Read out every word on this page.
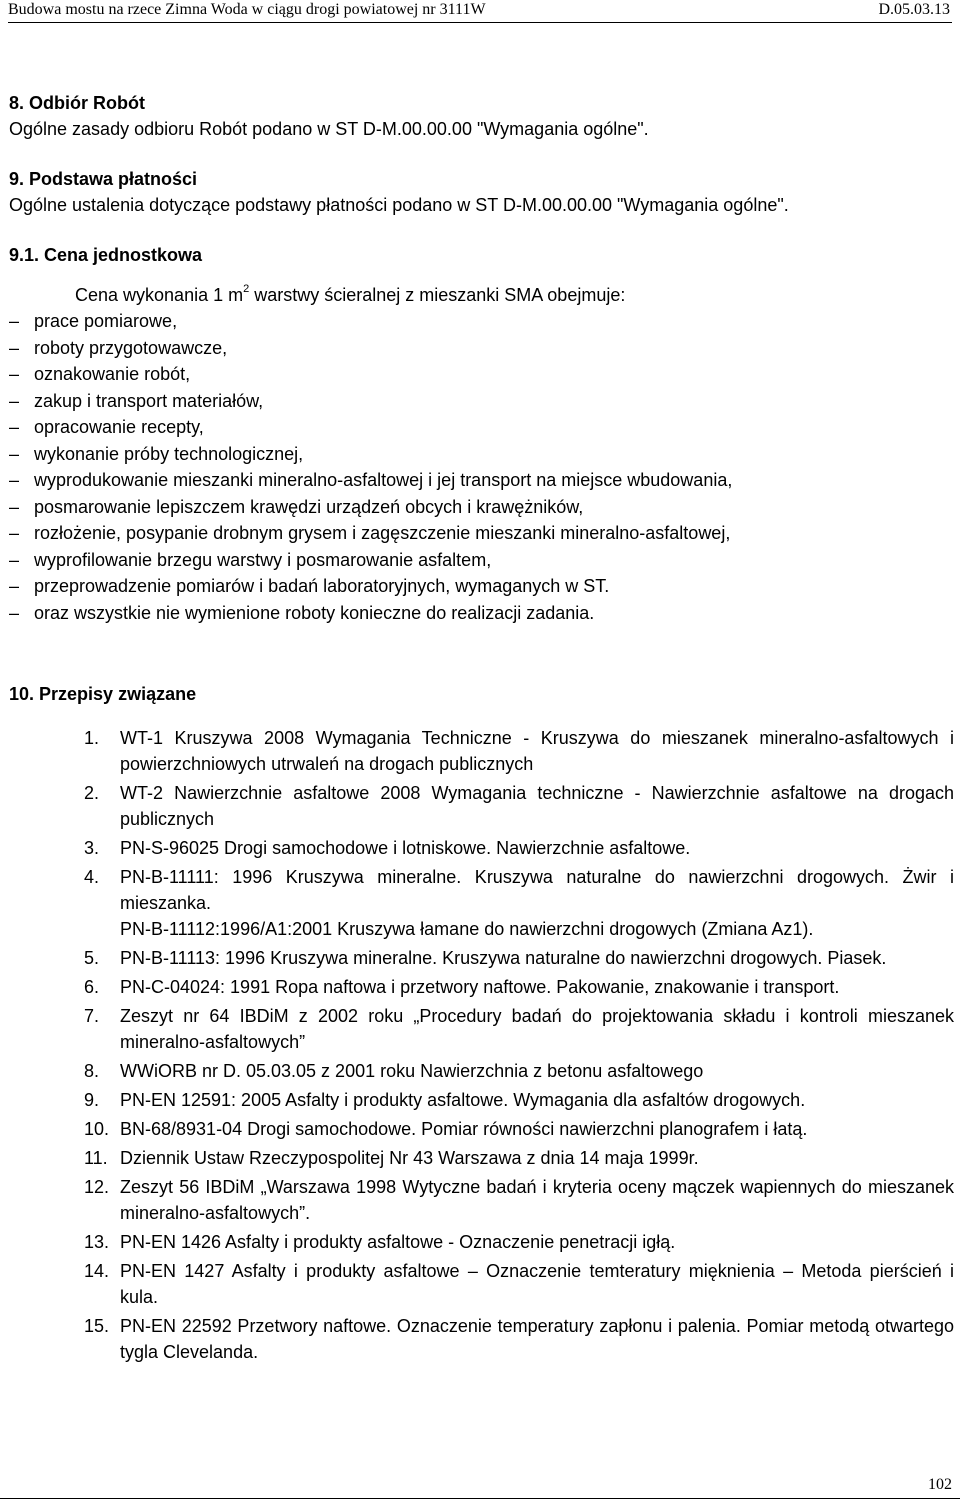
Budowa mostu na rzece Zimna Woda w ciągu drogi powiatowej nr 3111W	D.05.03.13
8. Odbiór Robót
Ogólne zasady odbioru Robót podano w ST D-M.00.00.00 "Wymagania ogólne".
9. Podstawa płatności
Ogólne ustalenia dotyczące podstawy płatności podano w ST D-M.00.00.00 "Wymagania ogólne".
9.1. Cena jednostkowa
Cena wykonania 1 $m^2$ warstwy ścieralnej z mieszanki SMA obejmuje:
– prace pomiarowe,
– roboty przygotowawcze,
– oznakowanie robót,
– zakup i transport materiałów,
– opracowanie recepty,
– wykonanie próby technologicznej,
– wyprodukowanie mieszanki mineralno-asfaltowej i jej transport na miejsce wbudowania,
– posmarowanie lepiszczem krawędzi urządzeń obcych i krawężników,
– rozłożenie, posypanie drobnym grysem i zagęszczenie mieszanki mineralno-asfaltowej,
– wyprofilowanie brzegu warstwy i posmarowanie asfaltem,
– przeprowadzenie pomiarów i badań laboratoryjnych, wymaganych w ST.
– oraz wszystkie nie wymienione roboty konieczne do realizacji zadania.
10. Przepisy związane
1. WT-1 Kruszywa 2008 Wymagania Techniczne - Kruszywa do mieszanek mineralno-asfaltowych i powierzchniowych utrwaleń na drogach publicznych
2. WT-2 Nawierzchnie asfaltowe 2008 Wymagania techniczne - Nawierzchnie asfaltowe na drogach publicznych
3. PN-S-96025 Drogi samochodowe i lotniskowe. Nawierzchnie asfaltowe.
4. PN-B-11111: 1996 Kruszywa mineralne. Kruszywa naturalne do nawierzchni drogowych. Żwir i mieszanka.
PN-B-11112:1996/A1:2001 Kruszywa łamane do nawierzchni drogowych (Zmiana Az1).
5. PN-B-11113: 1996 Kruszywa mineralne. Kruszywa naturalne do nawierzchni drogowych. Piasek.
6. PN-C-04024: 1991 Ropa naftowa i przetwory naftowe. Pakowanie, znakowanie i transport.
7. Zeszyt nr 64 IBDiM z 2002 roku „Procedury badań do projektowania składu i kontroli mieszanek mineralno-asfaltowych”
8. WWiORB nr D. 05.03.05 z 2001 roku Nawierzchnia z betonu asfaltowego
9. PN-EN 12591: 2005 Asfalty i produkty asfaltowe. Wymagania dla asfaltów drogowych.
10. BN-68/8931-04 Drogi samochodowe. Pomiar równości nawierzchni planografem i łatą.
11. Dziennik Ustaw Rzeczypospolitej Nr 43 Warszawa z dnia 14 maja 1999r.
12. Zeszyt 56 IBDiM „Warszawa 1998 Wytyczne badań i kryteria oceny mączek wapiennych do mieszanek mineralno-asfaltowych”.
13. PN-EN 1426 Asfalty i produkty asfaltowe - Oznaczenie penetracji igłą.
14. PN-EN 1427 Asfalty i produkty asfaltowe – Oznaczenie temteratury mięknienia – Metoda pierścień i kula.
15. PN-EN 22592 Przetwory naftowe. Oznaczenie temperatury zapłonu i palenia. Pomiar metodą otwartego tygla Clevelanda.
102
